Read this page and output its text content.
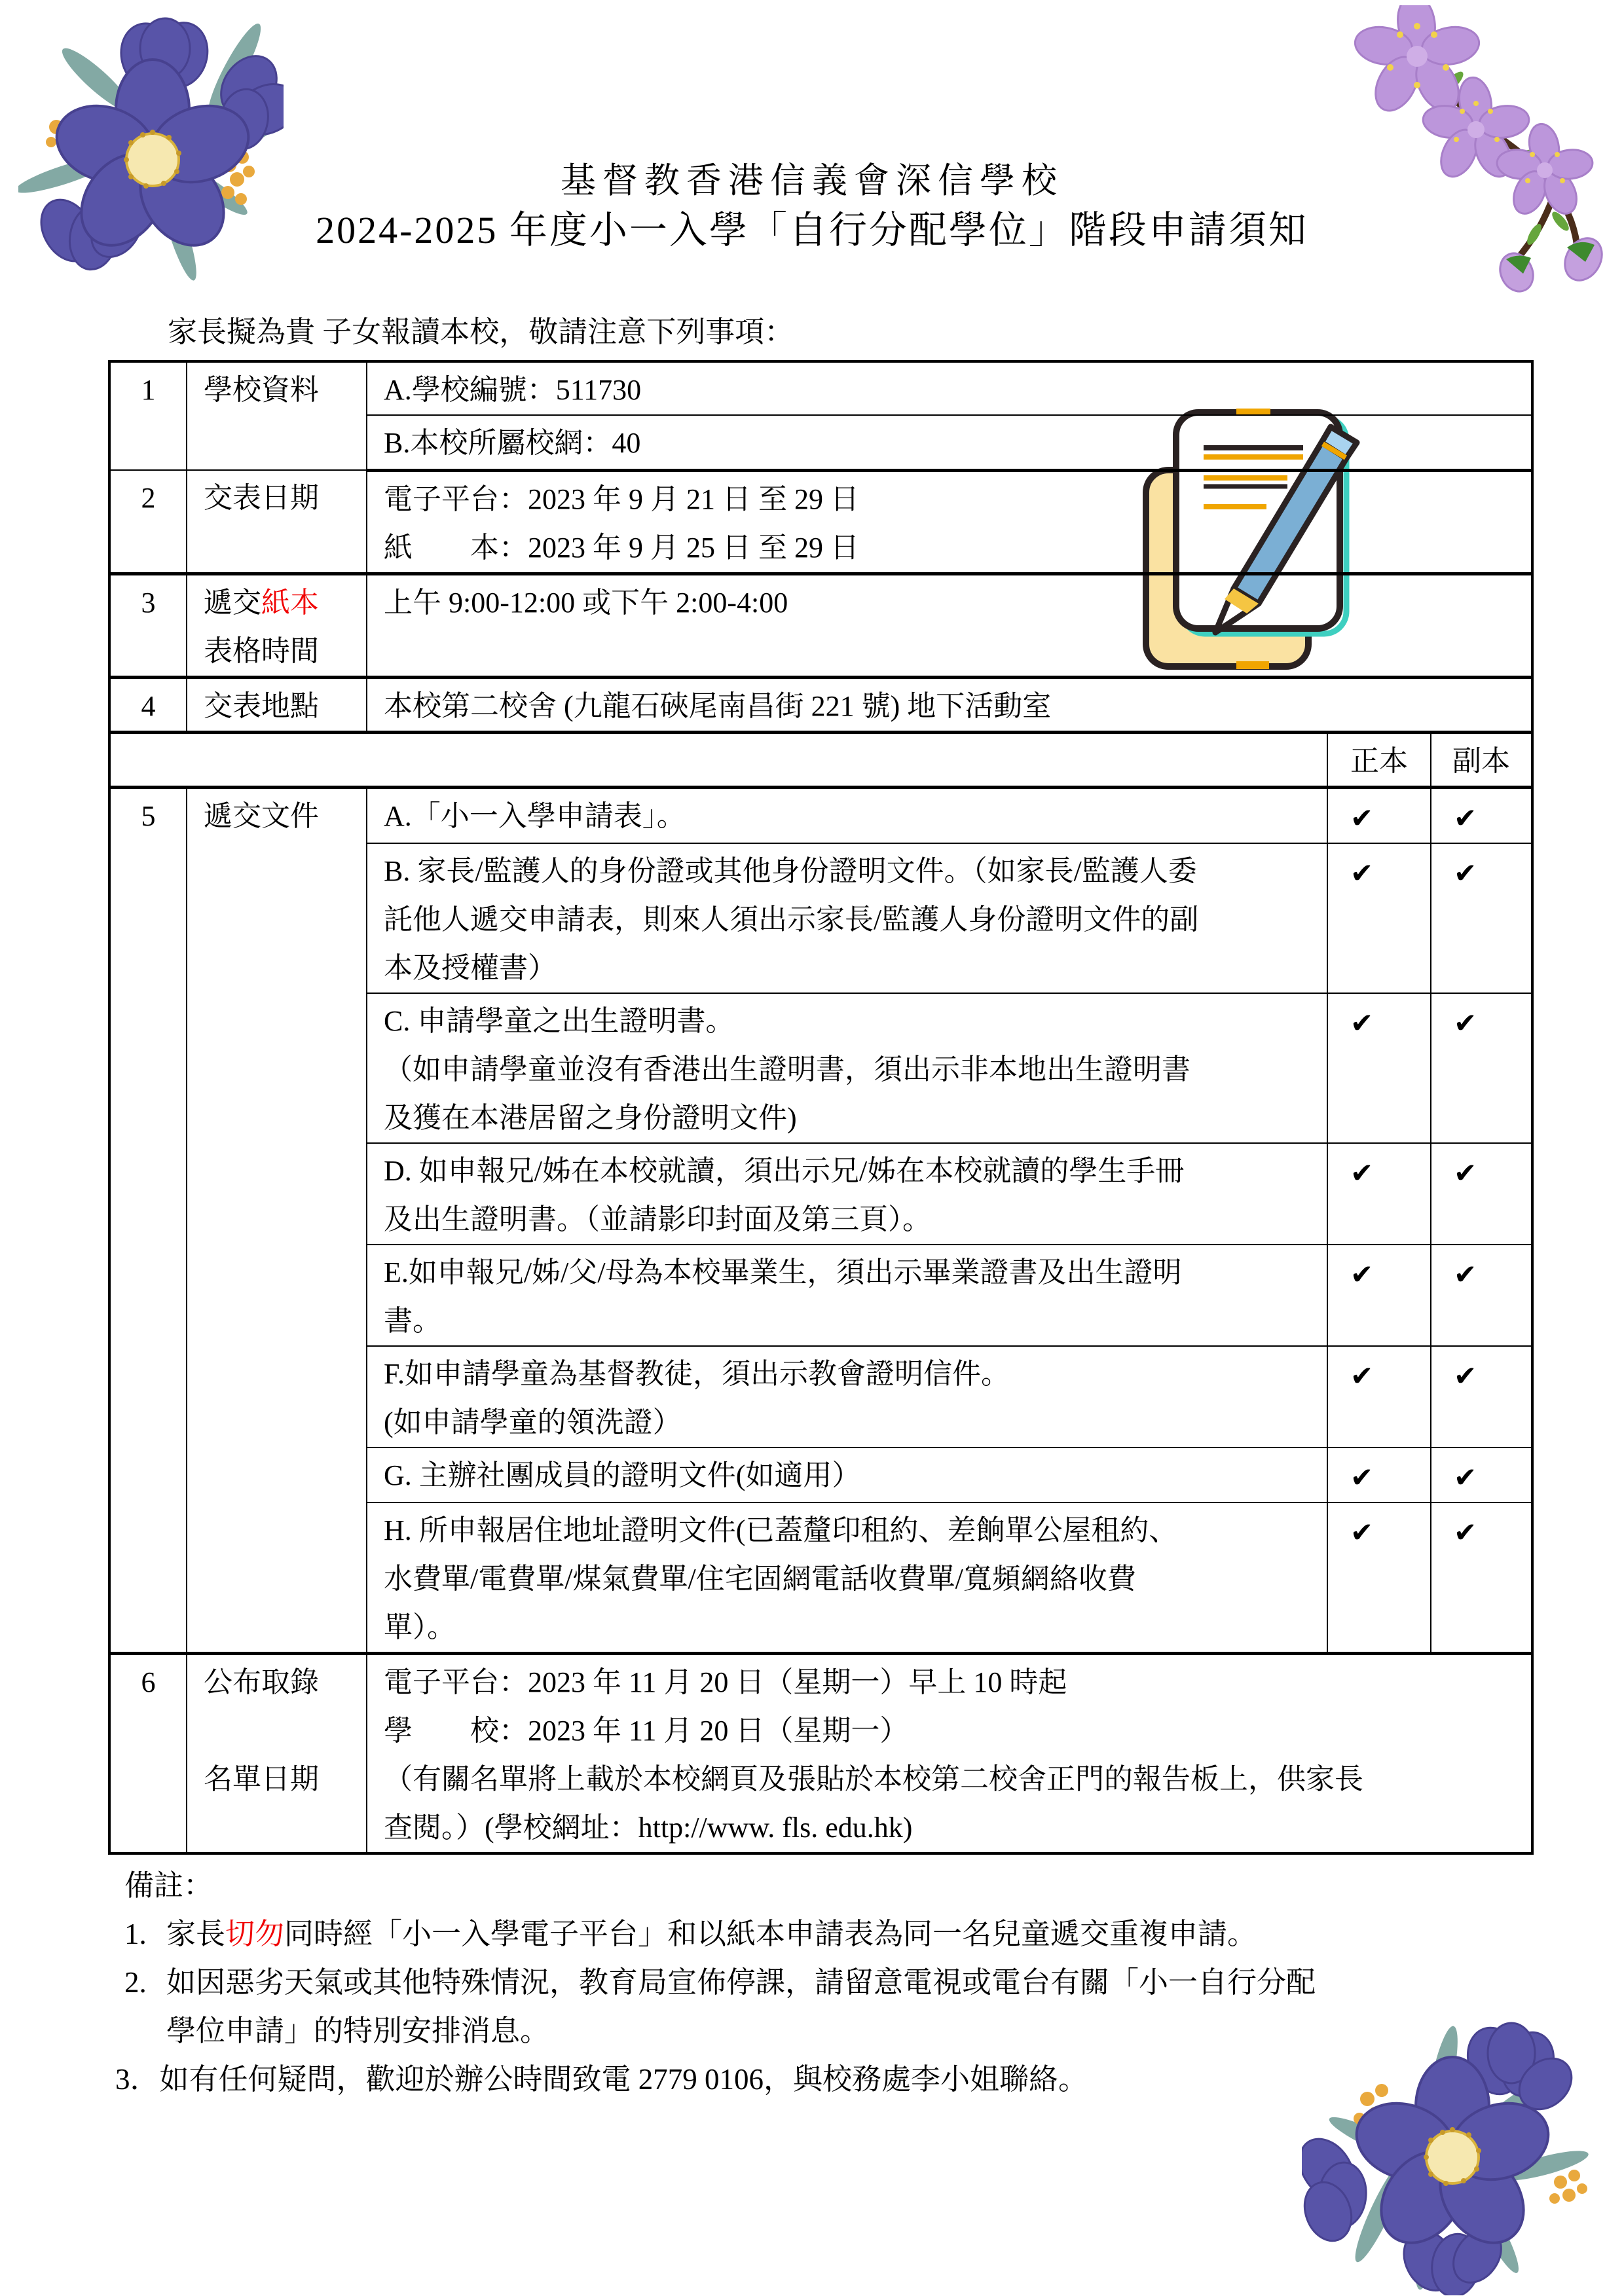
基督教香港信義會深信學校
2024-2025 年度小一入學「自行分配學位」階段申請須知
家長擬為貴 子女報讀本校，敬請注意下列事項：
1	學校資料	A.學校編號：511730		
		B.本校所屬校網：40		
2	交表日期	電子平台：2023 年 9 月 21 日 至 29 日
紙　　本：2023 年 9 月 25 日 至 29 日		
3	遞交紙本
表格時間	上午 9:00-12:00 或下午 2:00-4:00		
4	交表地點	本校第二校舍 (九龍石硤尾南昌街 221 號) 地下活動室		
			正本	副本
5	遞交文件	A.「小一入學申請表」。	✔	✔
		B. 家長/監護人的身份證或其他身份證明文件。（如家長/監護人委
託他人遞交申請表，則來人須出示家長/監護人身份證明文件的副
本及授權書）	✔	✔
		C. 申請學童之出生證明書。
（如申請學童並沒有香港出生證明書，須出示非本地出生證明書
及獲在本港居留之身份證明文件)	✔	✔
		D. 如申報兄/姊在本校就讀，須出示兄/姊在本校就讀的學生手冊
及出生證明書。（並請影印封面及第三頁）。	✔	✔
		E.如申報兄/姊/父/母為本校畢業生，須出示畢業證書及出生證明
書。	✔	✔
		F.如申請學童為基督教徒，須出示教會證明信件。
(如申請學童的領洗證）	✔	✔
		G. 主辦社團成員的證明文件(如適用）	✔	✔
		H. 所申報居住地址證明文件(已蓋釐印租約、差餉單公屋租約、
水費單/電費單/煤氣費單/住宅固網電話收費單/寬頻網絡收費
單）。	✔	✔
6	公布取錄

名單日期	電子平台：2023 年 11 月 20 日（星期一）早上 10 時起
學　　校：2023 年 11 月 20 日（星期一）
（有關名單將上載於本校網頁及張貼於本校第二校舍正門的報告板上，供家長
查閱。）(學校網址：http://www. fls. edu.hk)		
備註：
1. 家長切勿同時經「小一入學電子平台」和以紙本申請表為同一名兒童遞交重複申請。
2. 如因惡劣天氣或其他特殊情況，教育局宣佈停課，請留意電視或電台有關「小一自行分配
學位申請」的特別安排消息。
3．如有任何疑問，歡迎於辦公時間致電 2779 0106，與校務處李小姐聯絡。
